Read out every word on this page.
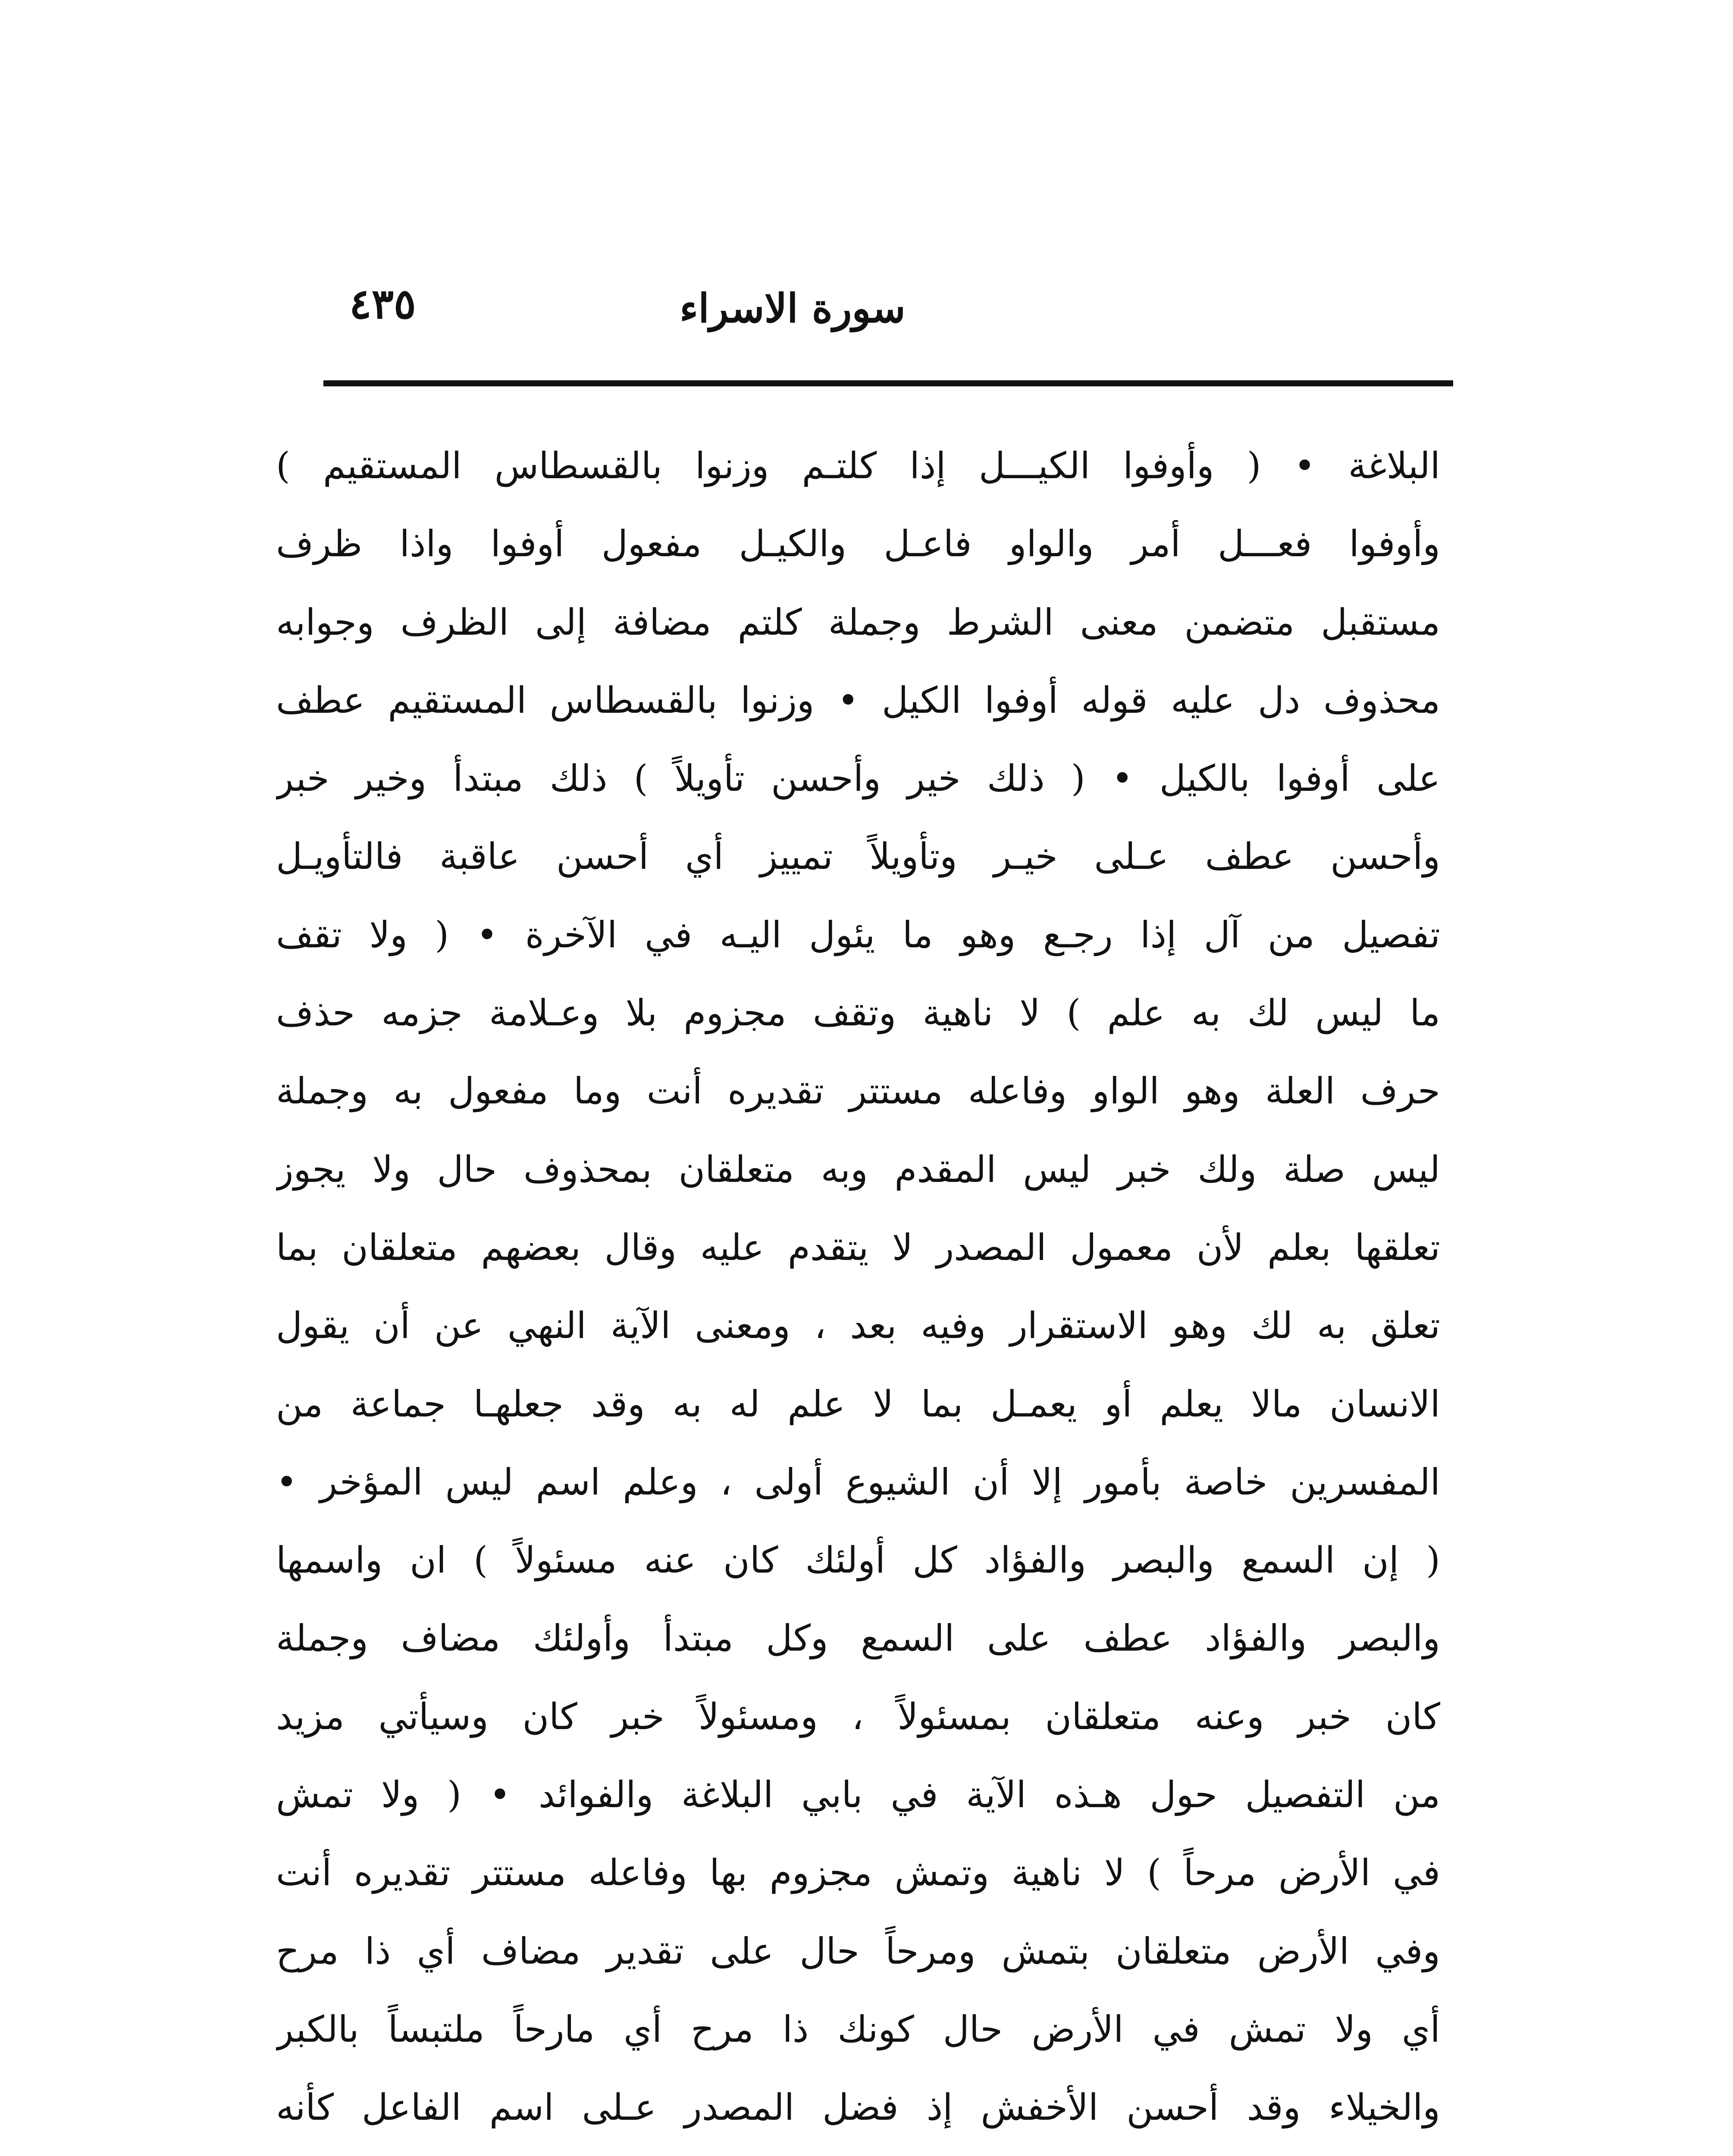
سورة الاسراء
٤٣٥
البلاغة • ( وأوفوا الكيـــل إذا كلتـم وزنوا بالقسطاس المستقيم )
وأوفوا فعـــل أمر والواو فاعـل والكيـل مفعول أوفوا واذا ظرف
مستقبل متضمن معنى الشرط وجملة كلتم مضافة إلى الظرف وجوابه
محذوف دل عليه قوله أوفوا الكيل • وزنوا بالقسطاس المستقيم عطف
على أوفوا بالكيل • ( ذلك خير وأحسن تأويلاً ) ذلك مبتدأ وخير خبر
وأحسن عطف عـلى خيـر وتأويلاً تمييز أي أحسن عاقبة فالتأويـل
تفصيل من آل إذا رجـع وهو ما يئول اليـه في الآخرة • ( ولا تقف
ما ليس لك به علم ) لا ناهية وتقف مجزوم بلا وعـلامة جزمه حذف
حرف العلة وهو الواو وفاعله مستتر تقديره أنت وما مفعول به وجملة
ليس صلة ولك خبر ليس المقدم وبه متعلقان بمحذوف حال ولا يجوز
تعلقها بعلم لأن معمول المصدر لا يتقدم عليه وقال بعضهم متعلقان بما
تعلق به لك وهو الاستقرار وفيه بعد ، ومعنى الآية النهي عن أن يقول
الانسان مالا يعلم أو يعمـل بما لا علم له به وقد جعلهـا جماعة من
المفسرين خاصة بأمور إلا أن الشيوع أولى ، وعلم اسم ليس المؤخر •
( إن السمع والبصر والفؤاد كل أولئك كان عنه مسئولاً ) ان واسمها
والبصر والفؤاد عطف على السمع وكل مبتدأ وأولئك مضاف وجملة
كان خبر وعنه متعلقان بمسئولاً ، ومسئولاً خبر كان وسيأتي مزيد
من التفصيل حول هـذه الآية في بابي البلاغة والفوائد • ( ولا تمش
في الأرض مرحاً ) لا ناهية وتمش مجزوم بها وفاعله مستتر تقديره أنت
وفي الأرض متعلقان بتمش ومرحاً حال على تقدير مضاف أي ذا مرح
أي ولا تمش في الأرض حال كونك ذا مرح أي مارحاً ملتبساً بالكبر
والخيلاء وقد أحسن الأخفش إذ فضل المصدر عـلى اسم الفاعل كأنه
